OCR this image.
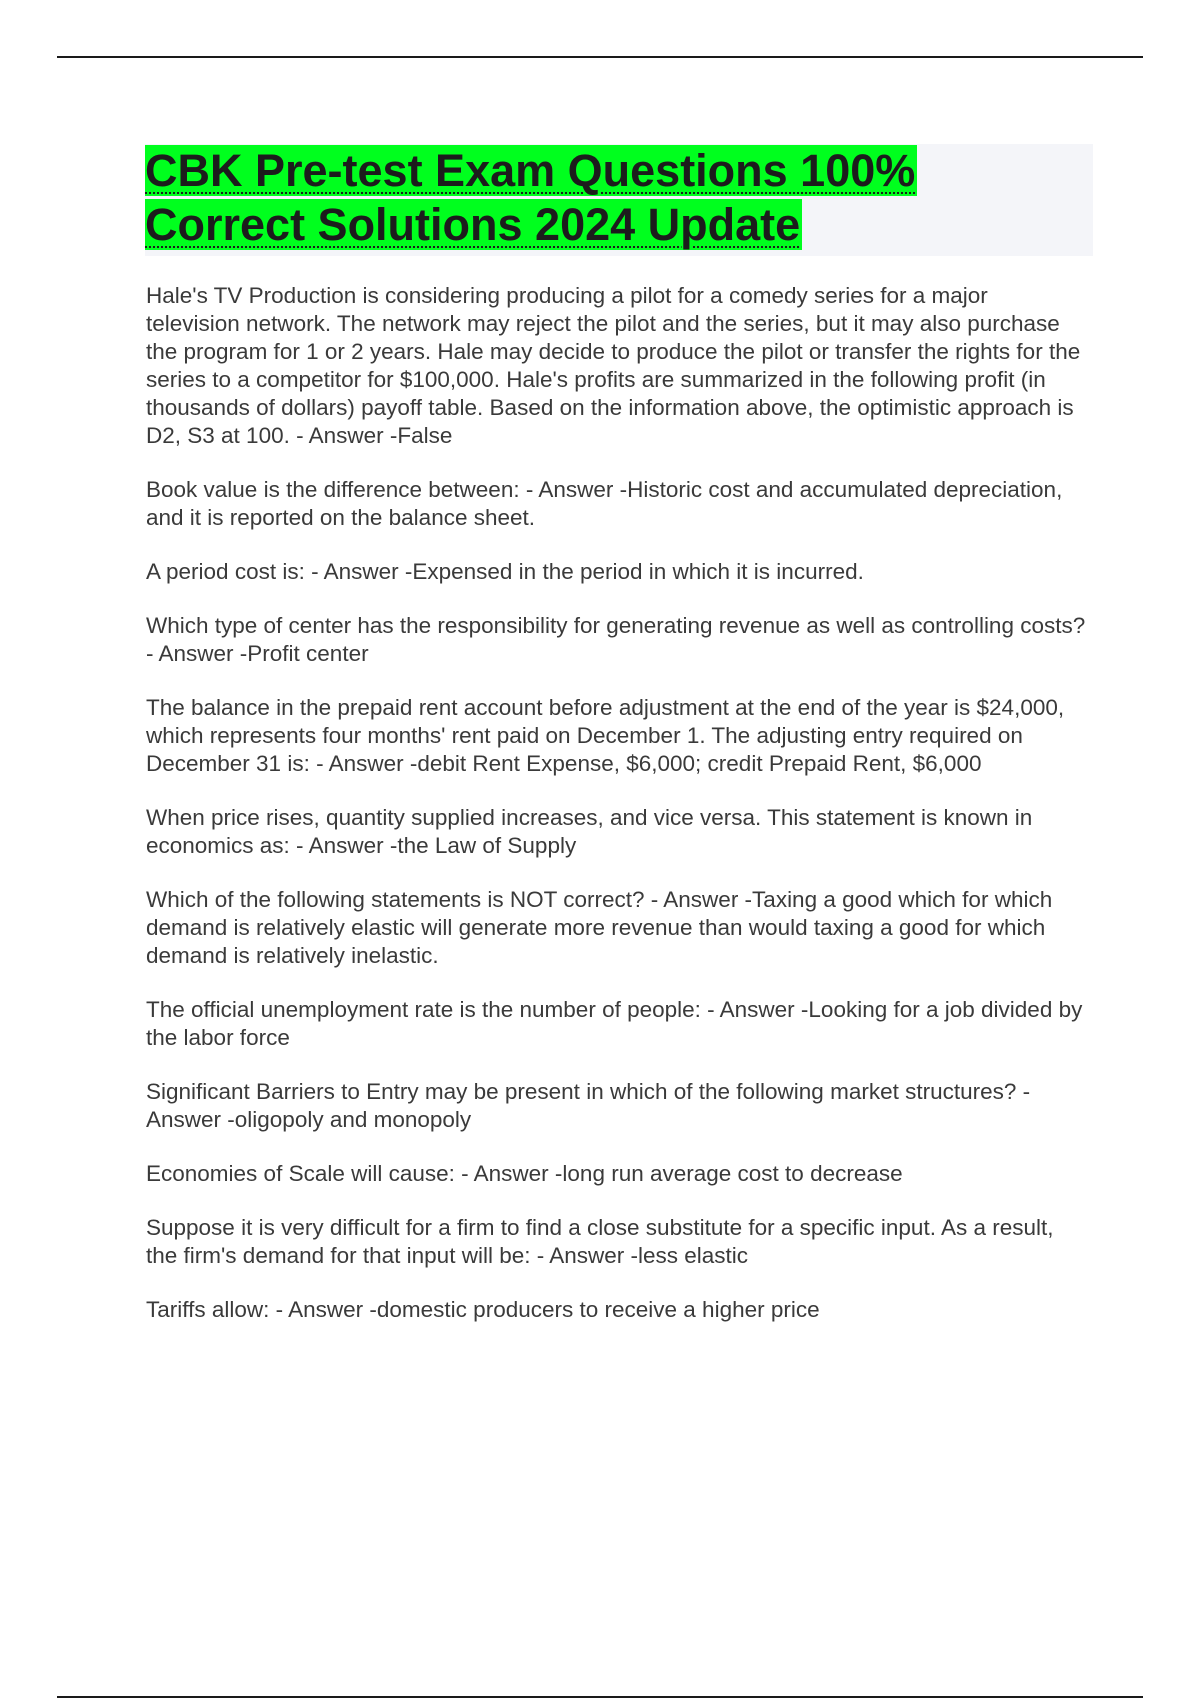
CBK Pre-test Exam Questions 100%
Correct Solutions 2024 Update

Hale's TV Production is considering producing a pilot for a comedy series for a major television network. The network may reject the pilot and the series, but it may also purchase the program for 1 or 2 years. Hale may decide to produce the pilot or transfer the rights for the series to a competitor for $100,000. Hale's profits are summarized in the following profit (in thousands of dollars) payoff table. Based on the information above, the optimistic approach is D2, S3 at 100. - Answer -False

Book value is the difference between: - Answer -Historic cost and accumulated depreciation, and it is reported on the balance sheet.

A period cost is: - Answer -Expensed in the period in which it is incurred.

Which type of center has the responsibility for generating revenue as well as controlling costs? - Answer -Profit center

The balance in the prepaid rent account before adjustment at the end of the year is $24,000, which represents four months' rent paid on December 1. The adjusting entry required on December 31 is: - Answer -debit Rent Expense, $6,000; credit Prepaid Rent, $6,000

When price rises, quantity supplied increases, and vice versa. This statement is known in economics as: - Answer -the Law of Supply

Which of the following statements is NOT correct? - Answer -Taxing a good which for which demand is relatively elastic will generate more revenue than would taxing a good for which demand is relatively inelastic.

The official unemployment rate is the number of people: - Answer -Looking for a job divided by the labor force

Significant Barriers to Entry may be present in which of the following market structures? - Answer -oligopoly and monopoly

Economies of Scale will cause: - Answer -long run average cost to decrease

Suppose it is very difficult for a firm to find a close substitute for a specific input. As a result, the firm's demand for that input will be: - Answer -less elastic

Tariffs allow: - Answer -domestic producers to receive a higher price
